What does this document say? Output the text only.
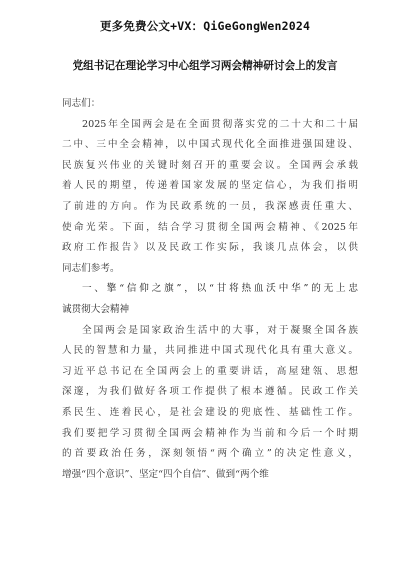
更多免费公文+VX：QiGeGongWen2024
党组书记在理论学习中心组学习两会精神研讨会上的发言
同志们：
2025年全国两会是在全面贯彻落实党的二十大和二十届
二中、三中全会精神，以中国式现代化全面推进强国建设、
民族复兴伟业的关键时刻召开的重要会议。全国两会承载
着人民的期望，传递着国家发展的坚定信心，为我们指明
了前进的方向。作为民政系统的一员，我深感责任重大、
使命光荣。下面，结合学习贯彻全国两会精神、《2025年
政府工作报告》以及民政工作实际，我谈几点体会，以供
同志们参考。
一、擎“信仰之旗”，以“甘将热血沃中华”的无上忠
诚贯彻大会精神
全国两会是国家政治生活中的大事，对于凝聚全国各族
人民的智慧和力量，共同推进中国式现代化具有重大意义。
习近平总书记在全国两会上的重要讲话，高屋建瓴、思想
深邃，为我们做好各项工作提供了根本遵循。民政工作关
系民生、连着民心，是社会建设的兜底性、基础性工作。
我们要把学习贯彻全国两会精神作为当前和今后一个时期
的首要政治任务，深刻领悟“两个确立”的决定性意义，
增强“四个意识”、坚定“四个自信”、做到“两个维
